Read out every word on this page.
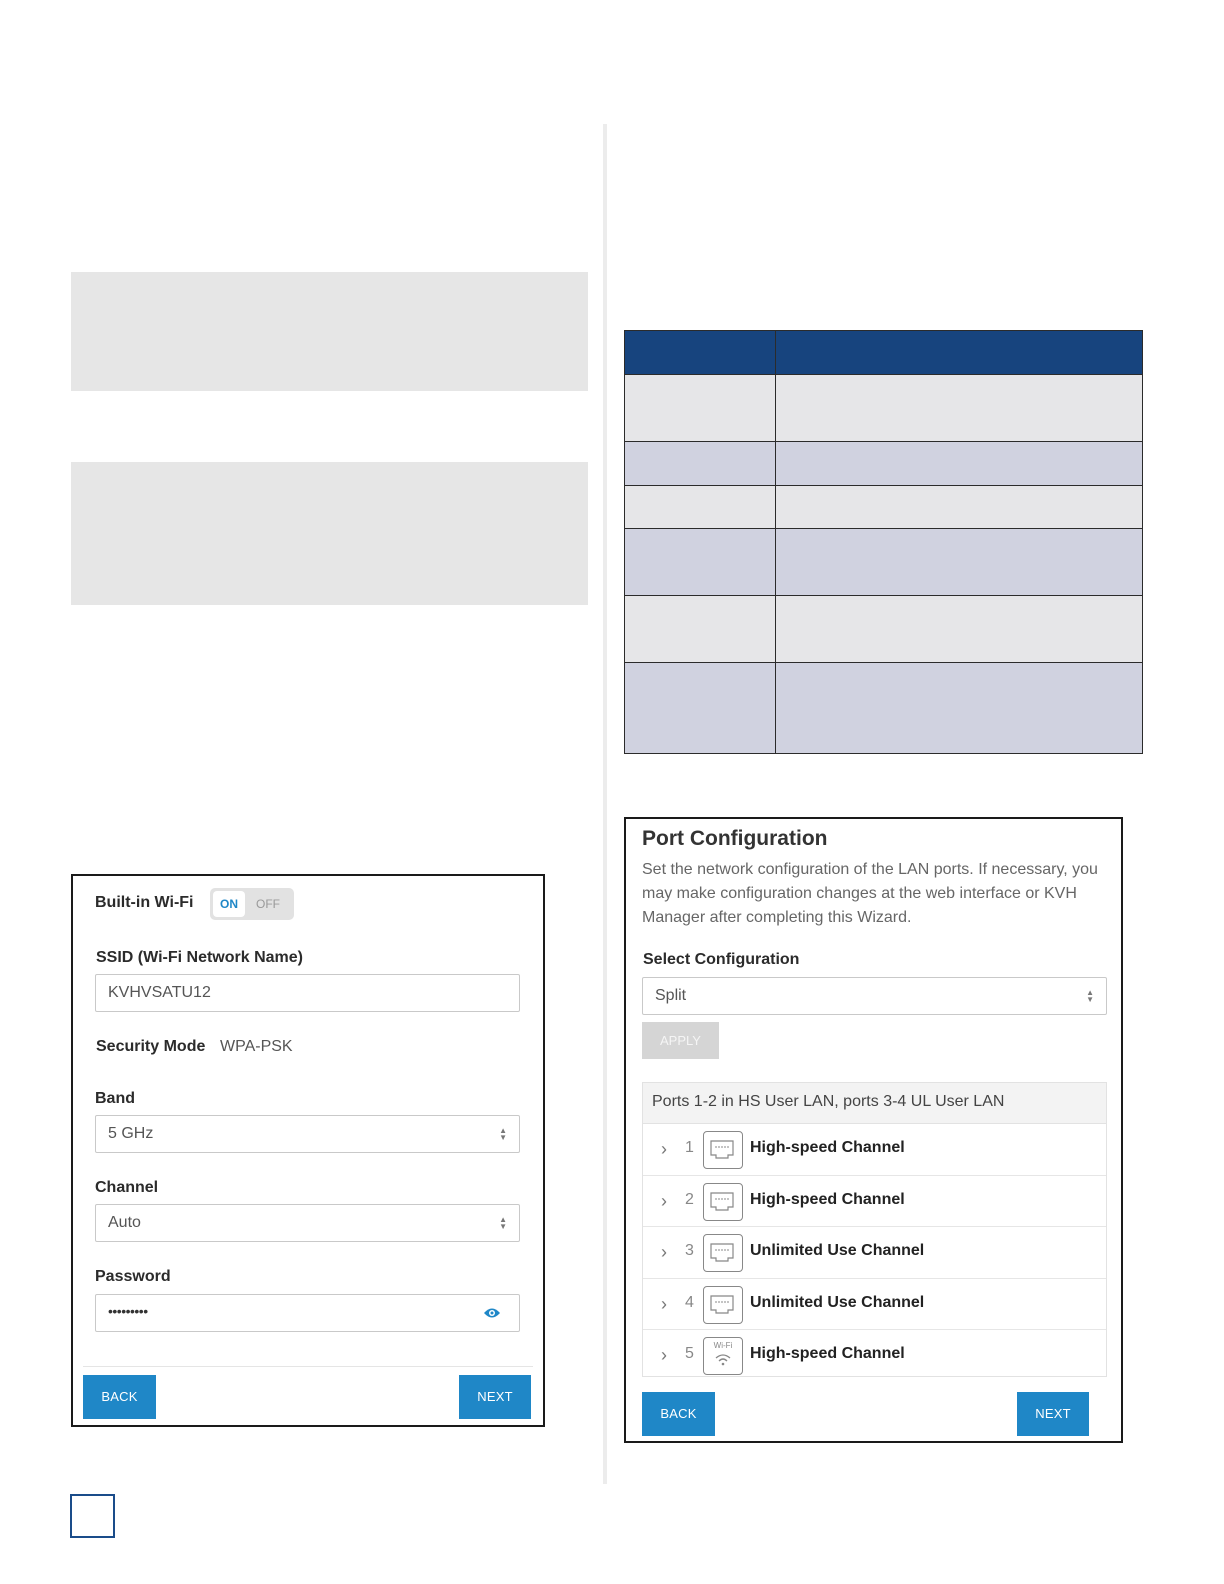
Built-in Wi-Fi	ON	OFF
SSID (Wi-Fi Network Name)
KVHVSATU12
Security Mode WPA-PSK
Band
5 GHz	▲
▼
Channel
Auto	▲
▼
Password
•••••••••
BACK	NEXT
Port Configuration
Set the network configuration of the LAN ports. If necessary, you may make configuration changes at the web interface or KVH Manager after completing this Wizard.
Select Configuration
Split	▲
▼
APPLY
Ports 1-2 in HS User LAN, ports 3-4 UL User LAN
› 1	High-speed Channel
› 2	High-speed Channel
› 3	Unlimited Use Channel
› 4	Unlimited Use Channel
› 5	Wi-Fi	High-speed Channel
BACK	NEXT
